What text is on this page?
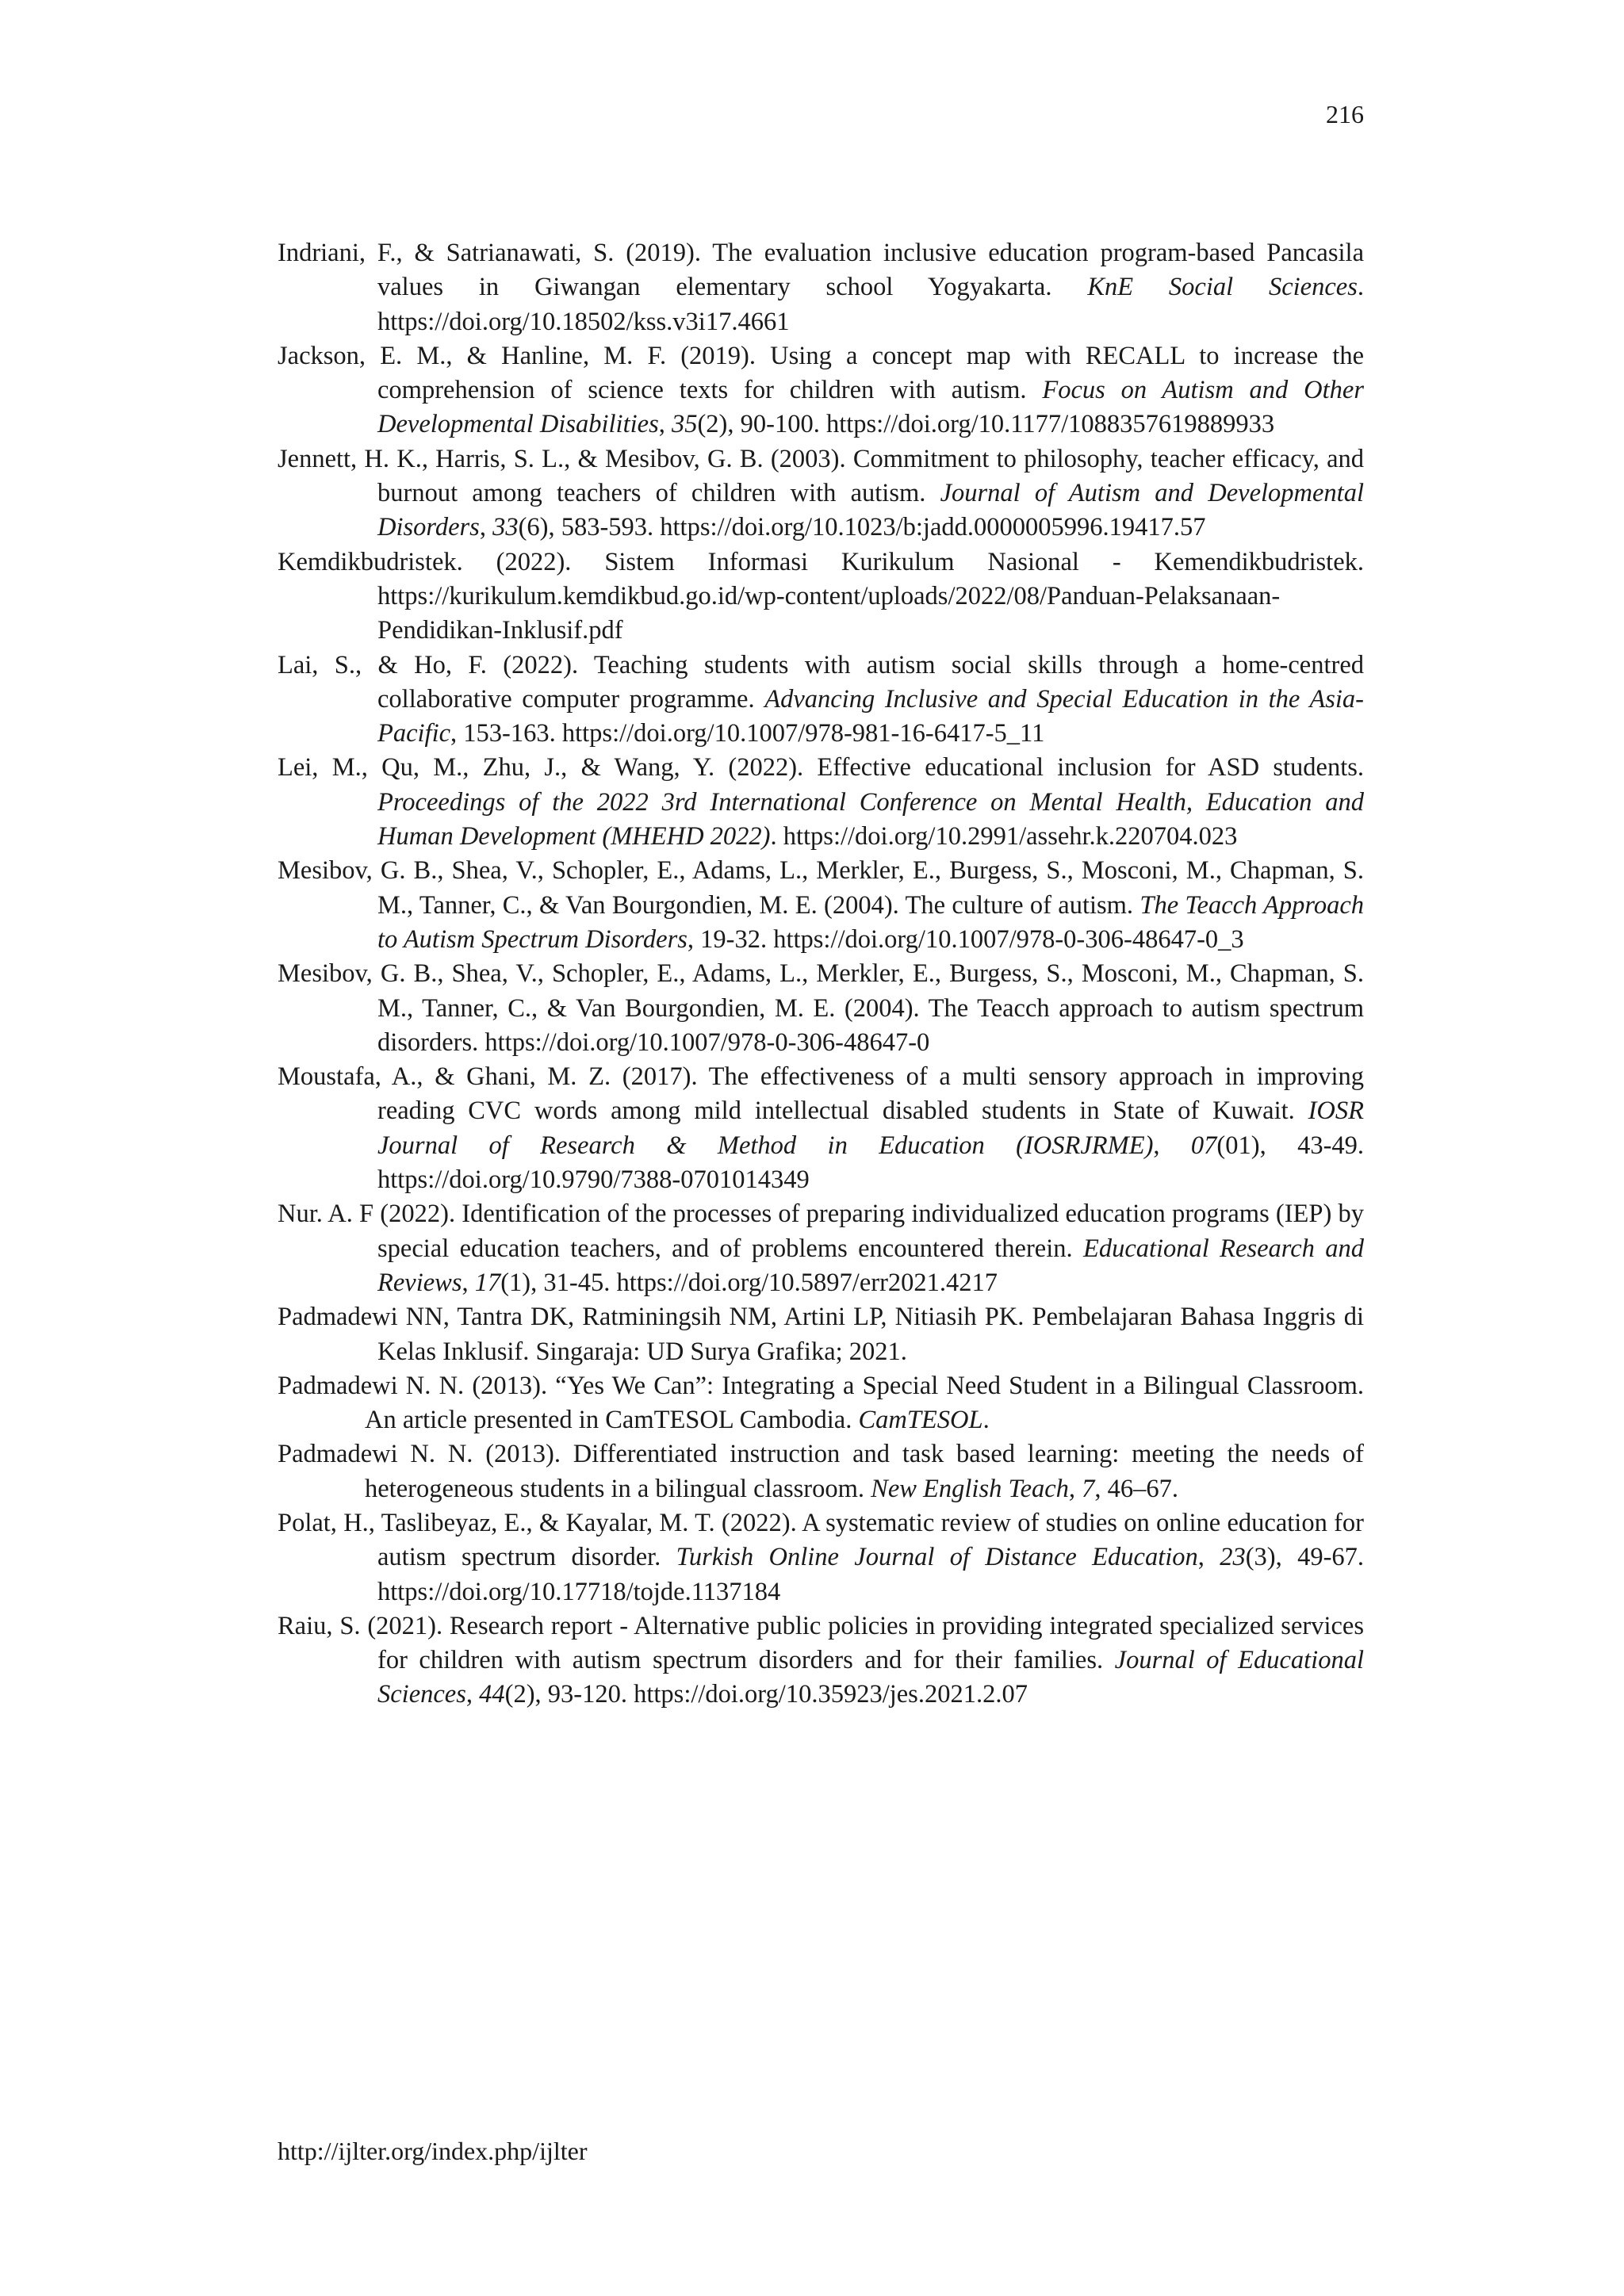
216

Indriani, F., & Satrianawati, S. (2019). The evaluation inclusive education program-based Pancasila values in Giwangan elementary school Yogyakarta. KnE Social Sciences. https://doi.org/10.18502/kss.v3i17.4661

Jackson, E. M., & Hanline, M. F. (2019). Using a concept map with RECALL to increase the comprehension of science texts for children with autism. Focus on Autism and Other Developmental Disabilities, 35(2), 90-100. https://doi.org/10.1177/1088357619889933

Jennett, H. K., Harris, S. L., & Mesibov, G. B. (2003). Commitment to philosophy, teacher efficacy, and burnout among teachers of children with autism. Journal of Autism and Developmental Disorders, 33(6), 583-593. https://doi.org/10.1023/b:jadd.0000005996.19417.57

Kemdikbudristek. (2022). Sistem Informasi Kurikulum Nasional - Kemendikbudristek. https://kurikulum.kemdikbud.go.id/wp-content/uploads/2022/08/Panduan-Pelaksanaan-Pendidikan-Inklusif.pdf

Lai, S., & Ho, F. (2022). Teaching students with autism social skills through a home-centred collaborative computer programme. Advancing Inclusive and Special Education in the Asia-Pacific, 153-163. https://doi.org/10.1007/978-981-16-6417-5_11

Lei, M., Qu, M., Zhu, J., & Wang, Y. (2022). Effective educational inclusion for ASD students. Proceedings of the 2022 3rd International Conference on Mental Health, Education and Human Development (MHEHD 2022). https://doi.org/10.2991/assehr.k.220704.023

Mesibov, G. B., Shea, V., Schopler, E., Adams, L., Merkler, E., Burgess, S., Mosconi, M., Chapman, S. M., Tanner, C., & Van Bourgondien, M. E. (2004). The culture of autism. The Teacch Approach to Autism Spectrum Disorders, 19-32. https://doi.org/10.1007/978-0-306-48647-0_3

Mesibov, G. B., Shea, V., Schopler, E., Adams, L., Merkler, E., Burgess, S., Mosconi, M., Chapman, S. M., Tanner, C., & Van Bourgondien, M. E. (2004). The Teacch approach to autism spectrum disorders. https://doi.org/10.1007/978-0-306-48647-0

Moustafa, A., & Ghani, M. Z. (2017). The effectiveness of a multi sensory approach in improving reading CVC words among mild intellectual disabled students in State of Kuwait. IOSR Journal of Research & Method in Education (IOSRJRME), 07(01), 43-49. https://doi.org/10.9790/7388-0701014349

Nur. A. F (2022). Identification of the processes of preparing individualized education programs (IEP) by special education teachers, and of problems encountered therein. Educational Research and Reviews, 17(1), 31-45. https://doi.org/10.5897/err2021.4217

Padmadewi NN, Tantra DK, Ratminingsih NM, Artini LP, Nitiasih PK. Pembelajaran Bahasa Inggris di Kelas Inklusif. Singaraja: UD Surya Grafika; 2021.

Padmadewi N. N. (2013). “Yes We Can”: Integrating a Special Need Student in a Bilingual Classroom. An article presented in CamTESOL Cambodia. CamTESOL.

Padmadewi N. N. (2013). Differentiated instruction and task based learning: meeting the needs of heterogeneous students in a bilingual classroom. New English Teach, 7, 46–67.

Polat, H., Taslibeyaz, E., & Kayalar, M. T. (2022). A systematic review of studies on online education for autism spectrum disorder. Turkish Online Journal of Distance Education, 23(3), 49-67. https://doi.org/10.17718/tojde.1137184

Raiu, S. (2021). Research report - Alternative public policies in providing integrated specialized services for children with autism spectrum disorders and for their families. Journal of Educational Sciences, 44(2), 93-120. https://doi.org/10.35923/jes.2021.2.07

http://ijlter.org/index.php/ijlter
